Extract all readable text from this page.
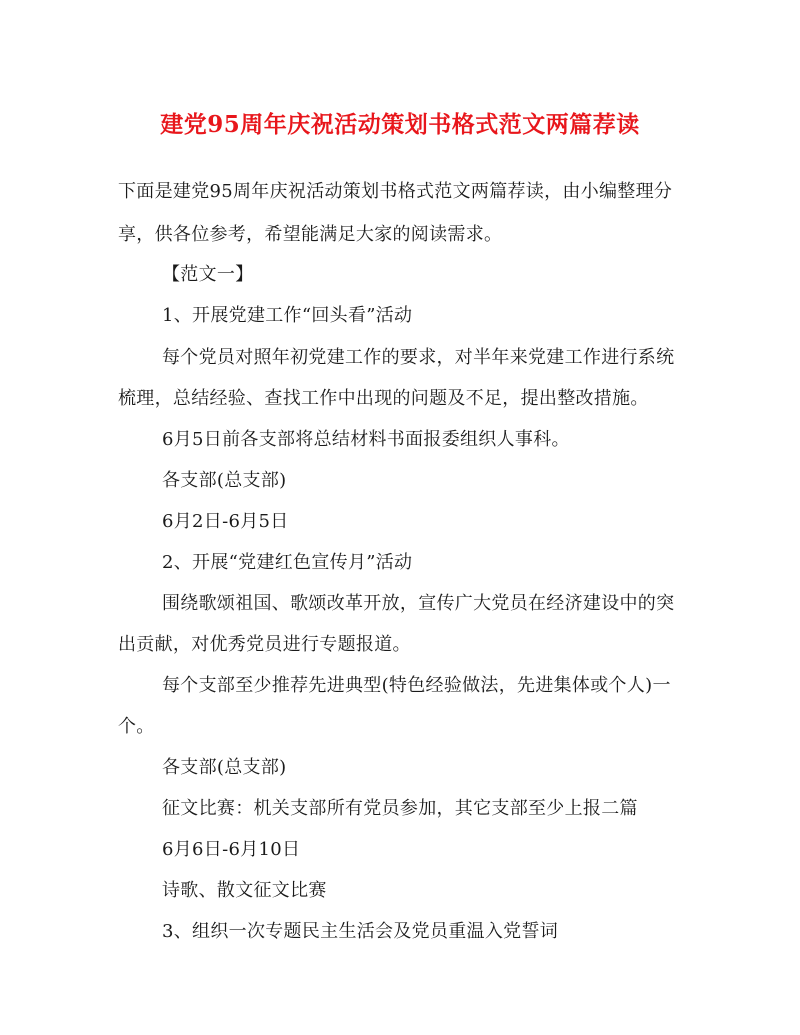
建党95周年庆祝活动策划书格式范文两篇荐读
下面是建党95周年庆祝活动策划书格式范文两篇荐读，由小编整理分
享，供各位参考，希望能满足大家的阅读需求。
【范文一】
1、开展党建工作“回头看”活动
每个党员对照年初党建工作的要求，对半年来党建工作进行系统
梳理，总结经验、查找工作中出现的问题及不足，提出整改措施。
6月5日前各支部将总结材料书面报委组织人事科。
各支部(总支部)
6月2日-6月5日
2、开展“党建红色宣传月”活动
围绕歌颂祖国、歌颂改革开放，宣传广大党员在经济建设中的突
出贡献，对优秀党员进行专题报道。
每个支部至少推荐先进典型(特色经验做法，先进集体或个人)一
个。
各支部(总支部)
征文比赛：机关支部所有党员参加，其它支部至少上报二篇
6月6日-6月10日
诗歌、散文征文比赛
3、组织一次专题民主生活会及党员重温入党誓词
